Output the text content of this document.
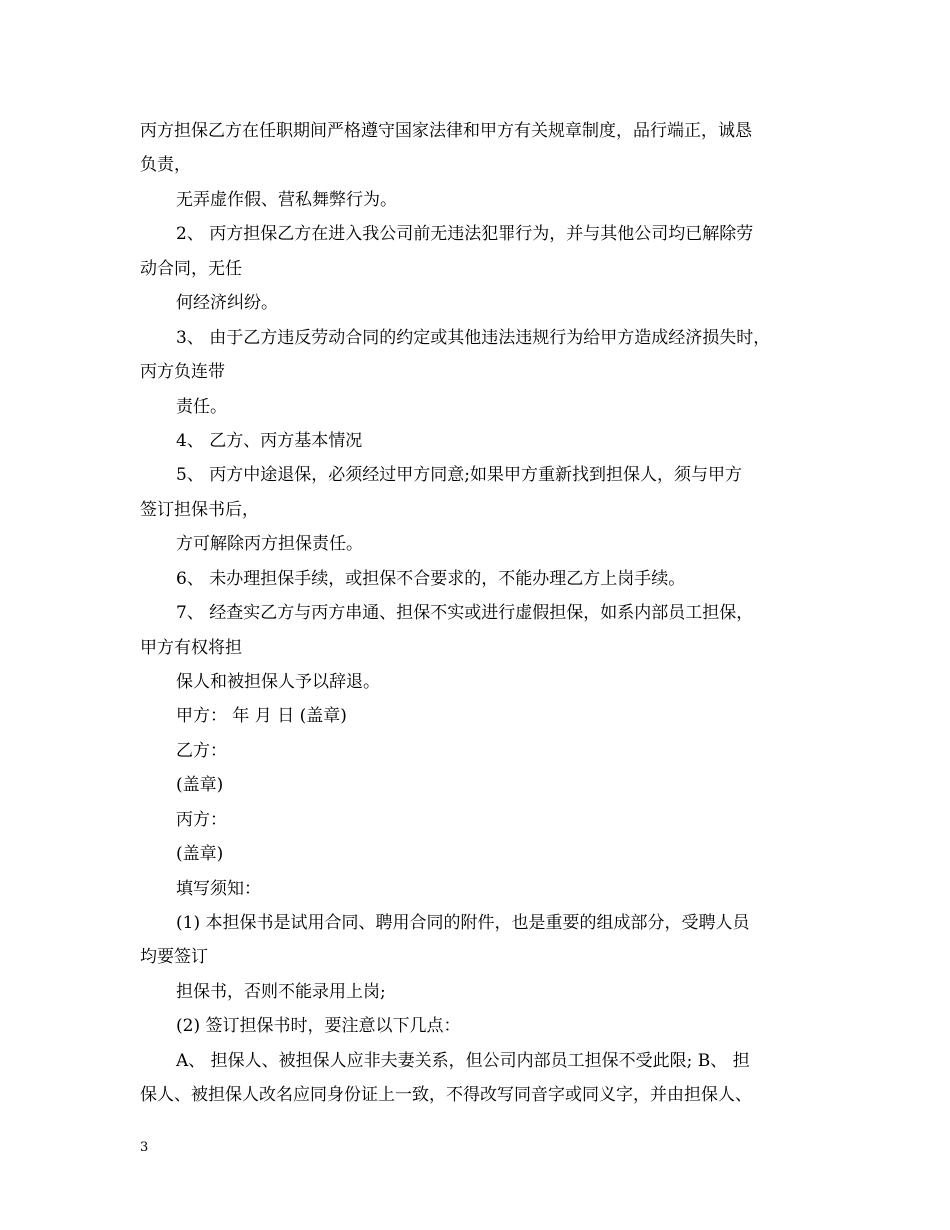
丙方担保乙方在任职期间严格遵守国家法律和甲方有关规章制度，品行端正，诚恳
负责，
无弄虚作假、营私舞弊行为。
2、 丙方担保乙方在进入我公司前无违法犯罪行为，并与其他公司均已解除劳
动合同，无任
何经济纠纷。
3、 由于乙方违反劳动合同的约定或其他违法违规行为给甲方造成经济损失时，
丙方负连带
责任。
4、 乙方、丙方基本情况
5、 丙方中途退保，必须经过甲方同意;如果甲方重新找到担保人，须与甲方
签订担保书后，
方可解除丙方担保责任。
6、 未办理担保手续，或担保不合要求的，不能办理乙方上岗手续。
7、 经查实乙方与丙方串通、担保不实或进行虚假担保，如系内部员工担保，
甲方有权将担
保人和被担保人予以辞退。
甲方： 年 月 日 (盖章)
乙方：
(盖章)
丙方：
(盖章)
填写须知：
(1) 本担保书是试用合同、聘用合同的附件，也是重要的组成部分，受聘人员
均要签订
担保书，否则不能录用上岗;
(2) 签订担保书时，要注意以下几点：
A、 担保人、被担保人应非夫妻关系，但公司内部员工担保不受此限; B、 担
保人、被担保人改名应同身份证上一致，不得改写同音字或同义字，并由担保人、
3
